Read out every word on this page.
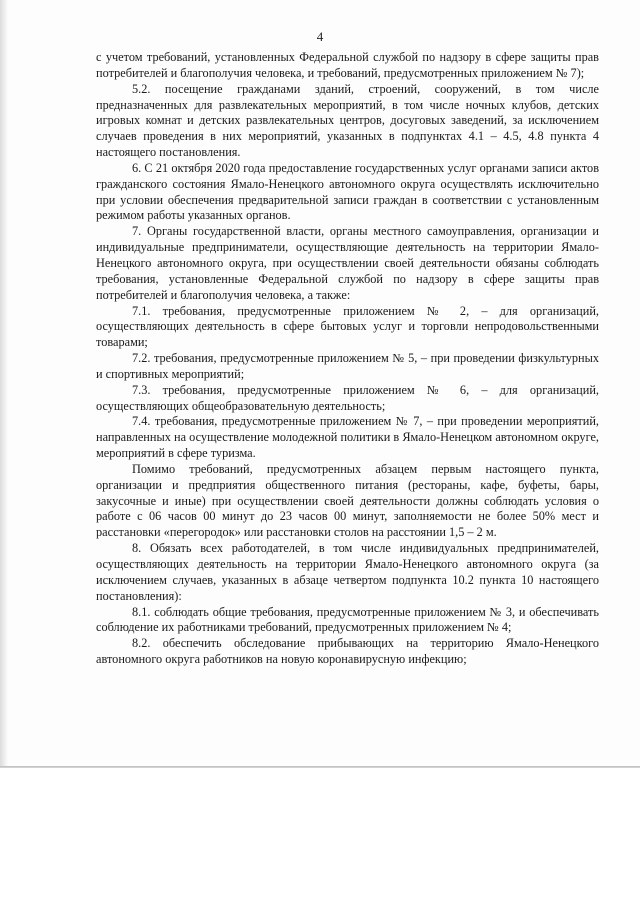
4

с учетом требований, установленных Федеральной службой по надзору в сфере защиты прав потребителей и благополучия человека, и требований, предусмотренных приложением № 7);

5.2. посещение гражданами зданий, строений, сооружений, в том числе предназначенных для развлекательных мероприятий, в том числе ночных клубов, детских игровых комнат и детских развлекательных центров, досуговых заведений, за исключением случаев проведения в них мероприятий, указанных в подпунктах 4.1 – 4.5, 4.8 пункта 4 настоящего постановления.

6. С 21 октября 2020 года предоставление государственных услуг органами записи актов гражданского состояния Ямало-Ненецкого автономного округа осуществлять исключительно при условии обеспечения предварительной записи граждан в соответствии с установленным режимом работы указанных органов.

7. Органы государственной власти, органы местного самоуправления, организации и индивидуальные предприниматели, осуществляющие деятельность на территории Ямало-Ненецкого автономного округа, при осуществлении своей деятельности обязаны соблюдать требования, установленные Федеральной службой по надзору в сфере защиты прав потребителей и благополучия человека, а также:

7.1. требования, предусмотренные приложением № 2, – для организаций, осуществляющих деятельность в сфере бытовых услуг и торговли непродовольственными товарами;

7.2. требования, предусмотренные приложением № 5, – при проведении физкультурных и спортивных мероприятий;

7.3. требования, предусмотренные приложением № 6, – для организаций, осуществляющих общеобразовательную деятельность;

7.4. требования, предусмотренные приложением № 7, – при проведении мероприятий, направленных на осуществление молодежной политики в Ямало-Ненецком автономном округе, мероприятий в сфере туризма.

Помимо требований, предусмотренных абзацем первым настоящего пункта, организации и предприятия общественного питания (рестораны, кафе, буфеты, бары, закусочные и иные) при осуществлении своей деятельности должны соблюдать условия о работе с 06 часов 00 минут до 23 часов 00 минут, заполняемости не более 50% мест и расстановки «перегородок» или расстановки столов на расстоянии 1,5 – 2 м.

8. Обязать всех работодателей, в том числе индивидуальных предпринимателей, осуществляющих деятельность на территории Ямало-Ненецкого автономного округа (за исключением случаев, указанных в абзаце четвертом подпункта 10.2 пункта 10 настоящего постановления):

8.1. соблюдать общие требования, предусмотренные приложением № 3, и обеспечивать соблюдение их работниками требований, предусмотренных приложением № 4;

8.2. обеспечить обследование прибывающих на территорию Ямало-Ненецкого автономного округа работников на новую коронавирусную инфекцию;
